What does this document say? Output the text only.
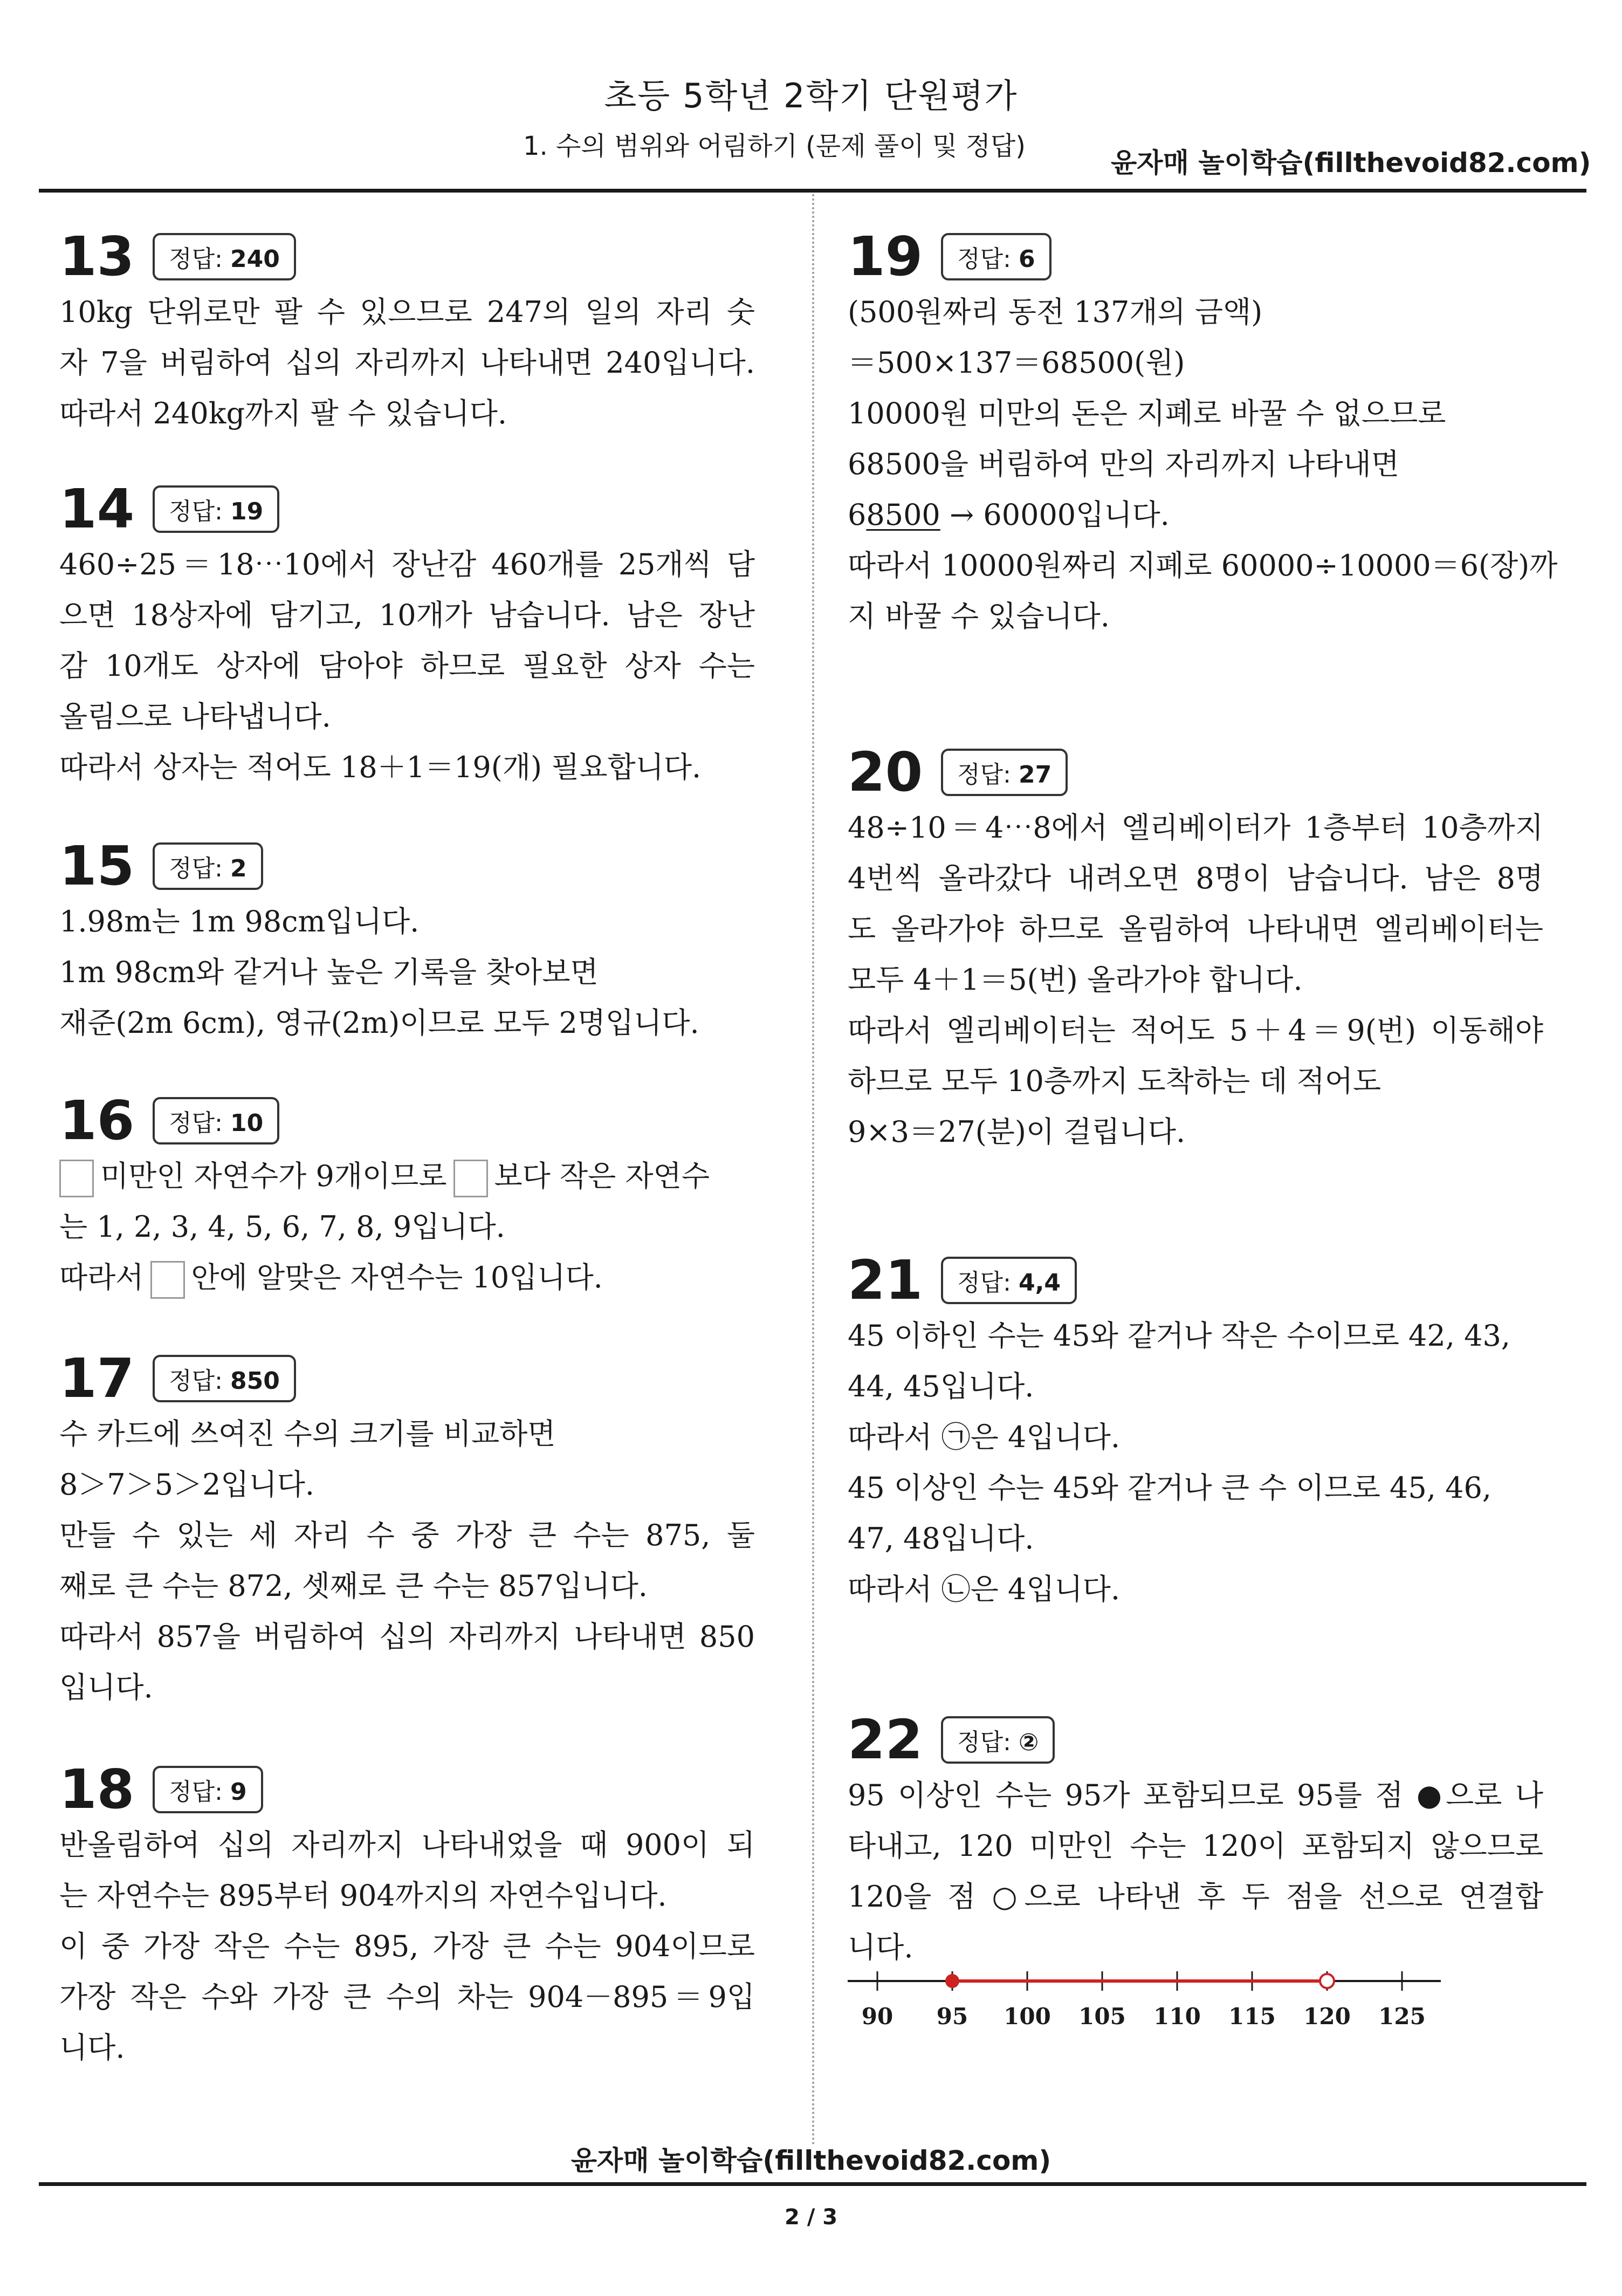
초등 5학년 2학기 단원평가
1. 수의 범위와 어림하기 (문제 풀이 및 정답)
윤자매 놀이학습(fillthevoid82.com)
13	정답: 240
10kg 단위로만 팔 수 있으므로 247의 일의 자리 숫
자 7을 버림하여 십의 자리까지 나타내면 240입니다.
따라서 240kg까지 팔 수 있습니다.
14	정답: 19
460÷25＝18⋯10에서 장난감 460개를 25개씩 담
으면 18상자에 담기고, 10개가 남습니다. 남은 장난
감 10개도 상자에 담아야 하므로 필요한 상자 수는
올림으로 나타냅니다.
따라서 상자는 적어도 18＋1＝19(개) 필요합니다.
15	정답: 2
1.98m는 1m 98cm입니다.
1m 98cm와 같거나 높은 기록을 찾아보면
재준(2m 6cm), 영규(2m)이므로 모두 2명입니다.
16	정답: 10
미만인 자연수가 9개이므로 보다 작은 자연수
는 1, 2, 3, 4, 5, 6, 7, 8, 9입니다.
따라서 안에 알맞은 자연수는 10입니다.
17	정답: 850
수 카드에 쓰여진 수의 크기를 비교하면
8＞7＞5＞2입니다.
만들 수 있는 세 자리 수 중 가장 큰 수는 875, 둘
째로 큰 수는 872, 셋째로 큰 수는 857입니다.
따라서 857을 버림하여 십의 자리까지 나타내면 850
입니다.
18	정답: 9
반올림하여 십의 자리까지 나타내었을 때 900이 되
는 자연수는 895부터 904까지의 자연수입니다.
이 중 가장 작은 수는 895, 가장 큰 수는 904이므로
가장 작은 수와 가장 큰 수의 차는 904－895＝9입
니다.
19	정답: 6
(500원짜리 동전 137개의 금액)
＝500×137＝68500(원)
10000원 미만의 돈은 지폐로 바꿀 수 없으므로
68500을 버림하여 만의 자리까지 나타내면
68500 → 60000입니다.
따라서 10000원짜리 지폐로 60000÷10000＝6(장)까
지 바꿀 수 있습니다.
20	정답: 27
48÷10＝4⋯8에서 엘리베이터가 1층부터 10층까지
4번씩 올라갔다 내려오면 8명이 남습니다. 남은 8명
도 올라가야 하므로 올림하여 나타내면 엘리베이터는
모두 4＋1＝5(번) 올라가야 합니다.
따라서 엘리베이터는 적어도 5＋4＝9(번) 이동해야
하므로 모두 10층까지 도착하는 데 적어도
9×3＝27(분)이 걸립니다.
21	정답: 4,4
45 이하인 수는 45와 같거나 작은 수이므로 42, 43,
44, 45입니다.
따라서 ㉠은 4입니다.
45 이상인 수는 45와 같거나 큰 수 이므로 45, 46,
47, 48입니다.
따라서 ㉡은 4입니다.
22	정답: ②
95 이상인 수는 95가 포함되므로 95를 점 ●으로 나
타내고, 120 미만인 수는 120이 포함되지 않으므로
120을 점 ○으로 나타낸 후 두 점을 선으로 연결합
니다.
90 95 100 105 110 115 120 125
윤자매 놀이학습(fillthevoid82.com)
2 / 3
